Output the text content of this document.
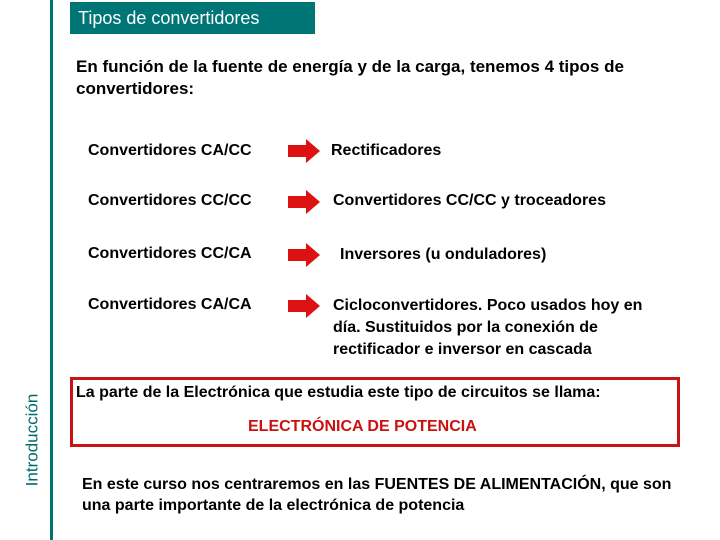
Introducción
Tipos de convertidores
En función de la fuente de energía y de la carga, tenemos 4 tipos de convertidores:
Convertidores CA/CC	Rectificadores
Convertidores CC/CC	Convertidores CC/CC y troceadores
Convertidores CC/CA	Inversores (u onduladores)
Convertidores CA/CA	Cicloconvertidores. Poco usados hoy en día. Sustituidos por la conexión de rectificador e inversor en cascada
La parte de la Electrónica que estudia este tipo de circuitos se llama:
ELECTRÓNICA DE POTENCIA
En este curso nos centraremos en las FUENTES DE ALIMENTACIÓN, que son una parte importante de la electrónica de potencia
